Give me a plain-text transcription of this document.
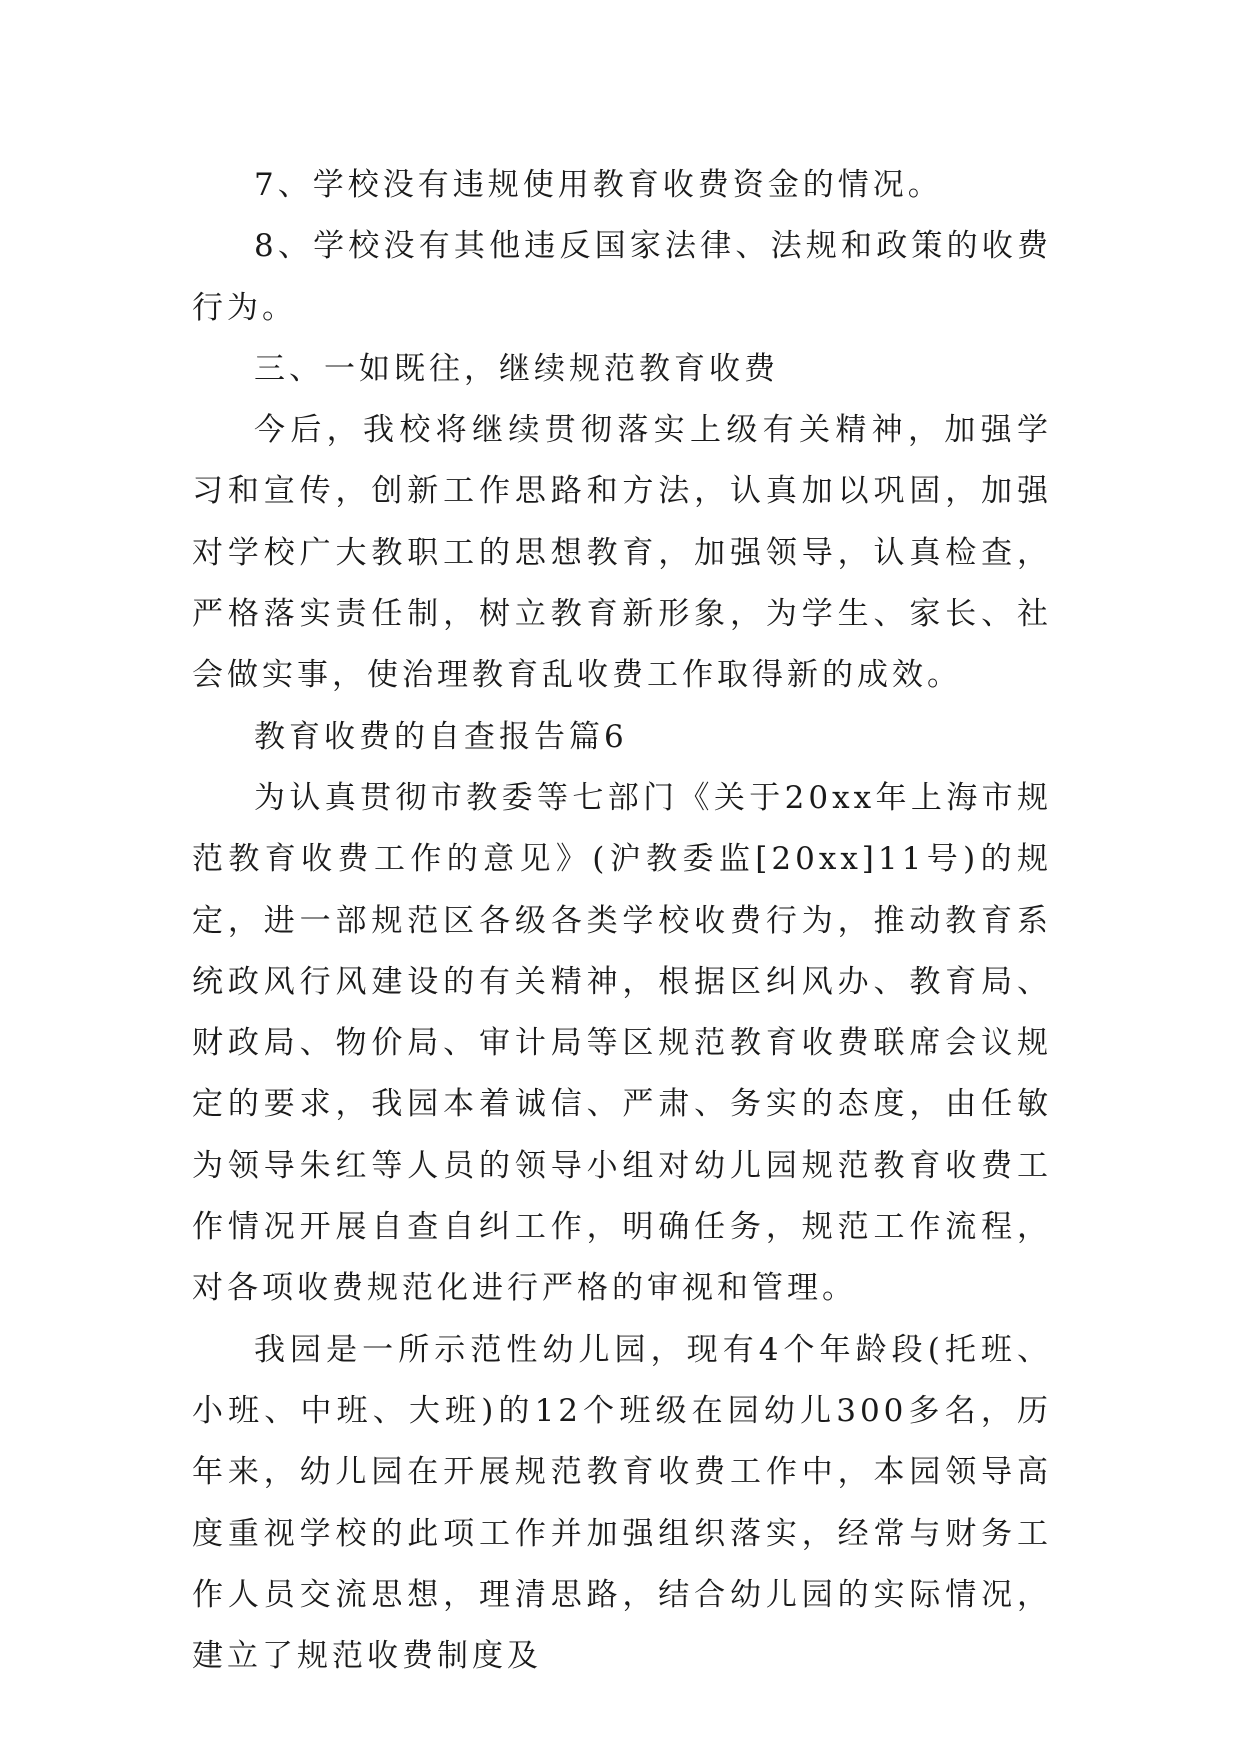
7、学校没有违规使用教育收费资金的情况。

8、学校没有其他违反国家法律、法规和政策的收费行为。

三、一如既往，继续规范教育收费

今后，我校将继续贯彻落实上级有关精神，加强学习和宣传，创新工作思路和方法，认真加以巩固，加强对学校广大教职工的思想教育，加强领导，认真检查，严格落实责任制，树立教育新形象，为学生、家长、社会做实事，使治理教育乱收费工作取得新的成效。

教育收费的自查报告篇6

为认真贯彻市教委等七部门《关于20xx年上海市规范教育收费工作的意见》(沪教委监[20xx]11号)的规定，进一部规范区各级各类学校收费行为，推动教育系统政风行风建设的有关精神，根据区纠风办、教育局、财政局、物价局、审计局等区规范教育收费联席会议规定的要求，我园本着诚信、严肃、务实的态度，由任敏为领导朱红等人员的领导小组对幼儿园规范教育收费工作情况开展自查自纠工作，明确任务，规范工作流程，对各项收费规范化进行严格的审视和管理。

我园是一所示范性幼儿园，现有4个年龄段(托班、小班、中班、大班)的12个班级在园幼儿300多名，历年来，幼儿园在开展规范教育收费工作中，本园领导高度重视学校的此项工作并加强组织落实，经常与财务工作人员交流思想，理清思路，结合幼儿园的实际情况，建立了规范收费制度及
